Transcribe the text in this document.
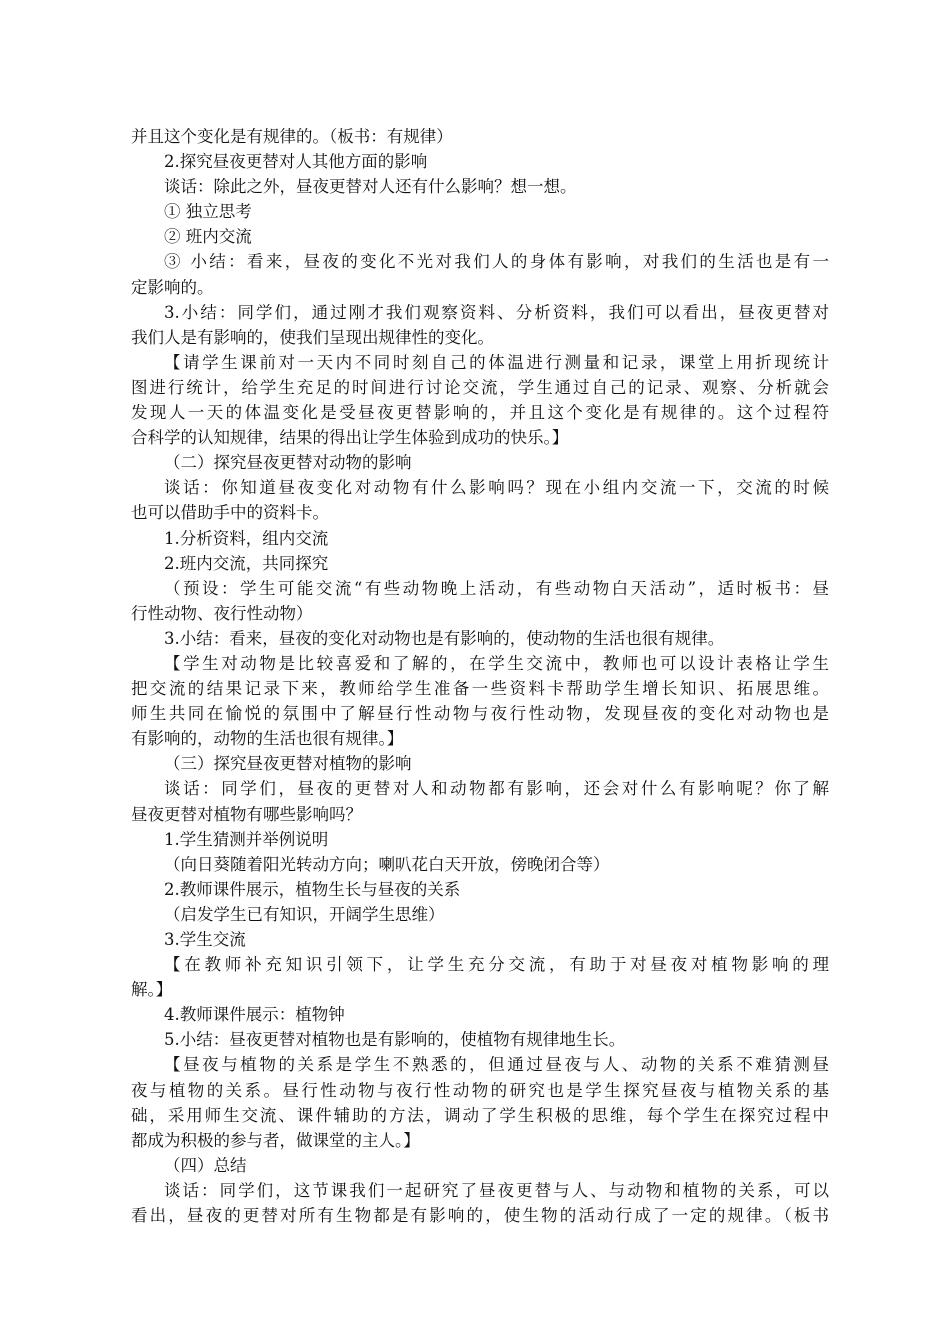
并且这个变化是有规律的。（板书：有规律）
2.探究昼夜更替对人其他方面的影响
谈话：除此之外，昼夜更替对人还有什么影响？想一想。
① 独立思考
② 班内交流
③ 小结：看来，昼夜的变化不光对我们人的身体有影响，对我们的生活也是有一
定影响的。
3.小结：同学们，通过刚才我们观察资料、分析资料，我们可以看出，昼夜更替对
我们人是有影响的，使我们呈现出规律性的变化。
【请学生课前对一天内不同时刻自己的体温进行测量和记录，课堂上用折现统计
图进行统计，给学生充足的时间进行讨论交流，学生通过自己的记录、观察、分析就会
发现人一天的体温变化是受昼夜更替影响的，并且这个变化是有规律的。这个过程符
合科学的认知规律，结果的得出让学生体验到成功的快乐。】
（二）探究昼夜更替对动物的影响
谈话：你知道昼夜变化对动物有什么影响吗？现在小组内交流一下，交流的时候
也可以借助手中的资料卡。
1.分析资料，组内交流
2.班内交流，共同探究
（预设：学生可能交流“有些动物晚上活动，有些动物白天活动”，适时板书：昼
行性动物、夜行性动物）
3.小结：看来，昼夜的变化对动物也是有影响的，使动物的生活也很有规律。
【学生对动物是比较喜爱和了解的，在学生交流中，教师也可以设计表格让学生
把交流的结果记录下来，教师给学生准备一些资料卡帮助学生增长知识、拓展思维。
师生共同在愉悦的氛围中了解昼行性动物与夜行性动物，发现昼夜的变化对动物也是
有影响的，动物的生活也很有规律。】
（三）探究昼夜更替对植物的影响
谈话：同学们，昼夜的更替对人和动物都有影响，还会对什么有影响呢？你了解
昼夜更替对植物有哪些影响吗？
1.学生猜测并举例说明
（向日葵随着阳光转动方向；喇叭花白天开放，傍晚闭合等）
2.教师课件展示，植物生长与昼夜的关系
（启发学生已有知识，开阔学生思维）
3.学生交流
【在教师补充知识引领下，让学生充分交流，有助于对昼夜对植物影响的理
解。】
4.教师课件展示：植物钟
5.小结：昼夜更替对植物也是有影响的，使植物有规律地生长。
【昼夜与植物的关系是学生不熟悉的，但通过昼夜与人、动物的关系不难猜测昼
夜与植物的关系。昼行性动物与夜行性动物的研究也是学生探究昼夜与植物关系的基
础，采用师生交流、课件辅助的方法，调动了学生积极的思维，每个学生在探究过程中
都成为积极的参与者，做课堂的主人。】
（四）总结
谈话：同学们，这节课我们一起研究了昼夜更替与人、与动物和植物的关系，可以
看出，昼夜的更替对所有生物都是有影响的，使生物的活动行成了一定的规律。（板书
